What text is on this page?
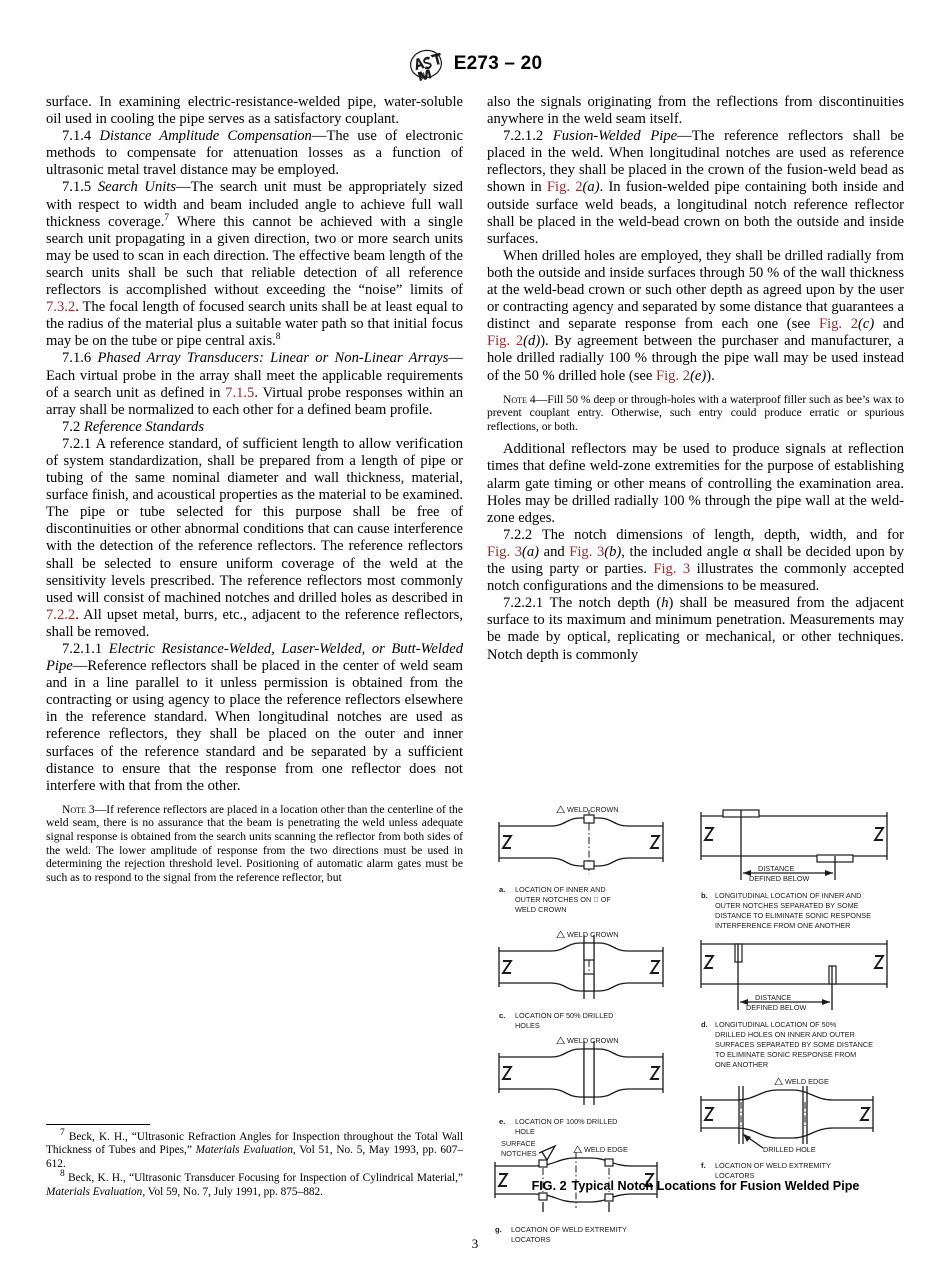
E273 – 20

surface. In examining electric-resistance-welded pipe, water-soluble oil used in cooling the pipe serves as a satisfactory couplant.

7.1.4 Distance Amplitude Compensation—The use of electronic methods to compensate for attenuation losses as a function of ultrasonic metal travel distance may be employed.

7.1.5 Search Units—The search unit must be appropriately sized with respect to width and beam included angle to achieve full wall thickness coverage.$^7$ Where this cannot be achieved with a single search unit propagating in a given direction, two or more search units may be used to scan in each direction. The effective beam length of the search units shall be such that reliable detection of all reference reflectors is accomplished without exceeding the “noise” limits of 7.3.2. The focal length of focused search units shall be at least equal to the radius of the material plus a suitable water path so that initial focus may be on the tube or pipe central axis.$^8$

7.1.6 Phased Array Transducers: Linear or Non-Linear Arrays—Each virtual probe in the array shall meet the applicable requirements of a search unit as defined in 7.1.5. Virtual probe responses within an array shall be normalized to each other for a defined beam profile.

7.2 Reference Standards

7.2.1 A reference standard, of sufficient length to allow verification of system standardization, shall be prepared from a length of pipe or tubing of the same nominal diameter and wall thickness, material, surface finish, and acoustical properties as the material to be examined. The pipe or tube selected for this purpose shall be free of discontinuities or other abnormal conditions that can cause interference with the detection of the reference reflectors. The reference reflectors shall be selected to ensure uniform coverage of the weld at the sensitivity levels prescribed. The reference reflectors most commonly used will consist of machined notches and drilled holes as described in 7.2.2. All upset metal, burrs, etc., adjacent to the reference reflectors, shall be removed.

7.2.1.1 Electric Resistance-Welded, Laser-Welded, or Butt-Welded Pipe—Reference reflectors shall be placed in the center of weld seam and in a line parallel to it unless permission is obtained from the contracting or using agency to place the reference reflectors elsewhere in the reference standard. When longitudinal notches are used as reference reflectors, they shall be placed on the outer and inner surfaces of the reference standard and be separated by a sufficient distance to ensure that the response from one reflector does not interfere with that from the other.

Note 3—If reference reflectors are placed in a location other than the centerline of the weld seam, there is no assurance that the beam is penetrating the weld unless adequate signal response is obtained from the search units scanning the reflector from both sides of the weld. The lower amplitude of response from the two directions must be used in determining the rejection threshold level. Positioning of automatic alarm gates must be such as to respond to the signal from the reference reflector, but

$^7$ Beck, K. H., “Ultrasonic Refraction Angles for Inspection throughout the Total Wall Thickness of Tubes and Pipes,” Materials Evaluation, Vol 51, No. 5, May 1993, pp. 607–612.

$^8$ Beck, K. H., “Ultrasonic Transducer Focusing for Inspection of Cylindrical Material,” Materials Evaluation, Vol 59, No. 7, July 1991, pp. 875–882.

also the signals originating from the reflections from discontinuities anywhere in the weld seam itself.

7.2.1.2 Fusion-Welded Pipe—The reference reflectors shall be placed in the weld. When longitudinal notches are used as reference reflectors, they shall be placed in the crown of the fusion-weld bead as shown in Fig. 2(a). In fusion-welded pipe containing both inside and outside surface weld beads, a longitudinal notch reference reflector shall be placed in the weld-bead crown on both the outside and inside surfaces.

When drilled holes are employed, they shall be drilled radially from both the outside and inside surfaces through 50 % of the wall thickness at the weld-bead crown or such other depth as agreed upon by the user or contracting agency and separated by some distance that guarantees a distinct and separate response from each one (see Fig. 2(c) and Fig. 2(d)). By agreement between the purchaser and manufacturer, a hole drilled radially 100 % through the pipe wall may be used instead of the 50 % drilled hole (see Fig. 2(e)).

Note 4—Fill 50 % deep or through-holes with a waterproof filler such as bee’s wax to prevent couplant entry. Otherwise, such entry could produce erratic or spurious reflections, or both.

Additional reflectors may be used to produce signals at reflection times that define weld-zone extremities for the purpose of establishing alarm gate timing or other means of controlling the examination area. Holes may be drilled radially 100 % through the pipe wall at the weld-zone edges.

7.2.2 The notch dimensions of length, depth, width, and for Fig. 3(a) and Fig. 3(b), the included angle α shall be decided upon by the using party or parties. Fig. 3 illustrates the commonly accepted notch configurations and the dimensions to be measured.

7.2.2.1 The notch depth (h) shall be measured from the adjacent surface to its maximum and minimum penetration. Measurements may be made by optical, replicating or mechanical, or other techniques. Notch depth is commonly

⃤ WELD CROWN
a. LOCATION OF INNER AND
OUTER NOTCHES ON ⃤ OF
WELD CROWN
DISTANCE
DEFINED BELOW
b. LONGITUDINAL LOCATION OF INNER AND
OUTER NOTCHES SEPARATED BY SOME
DISTANCE TO ELIMINATE SONIC RESPONSE
INTERFERENCE FROM ONE ANOTHER
⃤ WELD CROWN
c. LOCATION OF 50% DRILLED
HOLES
DISTANCE
DEFINED BELOW
d. LONGITUDINAL LOCATION OF 50%
DRILLED HOLES ON INNER AND OUTER
SURFACES SEPARATED BY SOME DISTANCE
TO ELIMINATE SONIC RESPONSE FROM
ONE ANOTHER
⃤ WELD CROWN
e. LOCATION OF 100% DRILLED
HOLE
SURFACE
NOTCHES	⃤ WELD EDGE
g. LOCATION OF WELD EXTREMITY
LOCATORS
⃤ WELD EDGE
DRILLED HOLE
f. LOCATION OF WELD EXTREMITY
LOCATORS
FIG. 2 Typical Notch Locations for Fusion Welded Pipe
3
